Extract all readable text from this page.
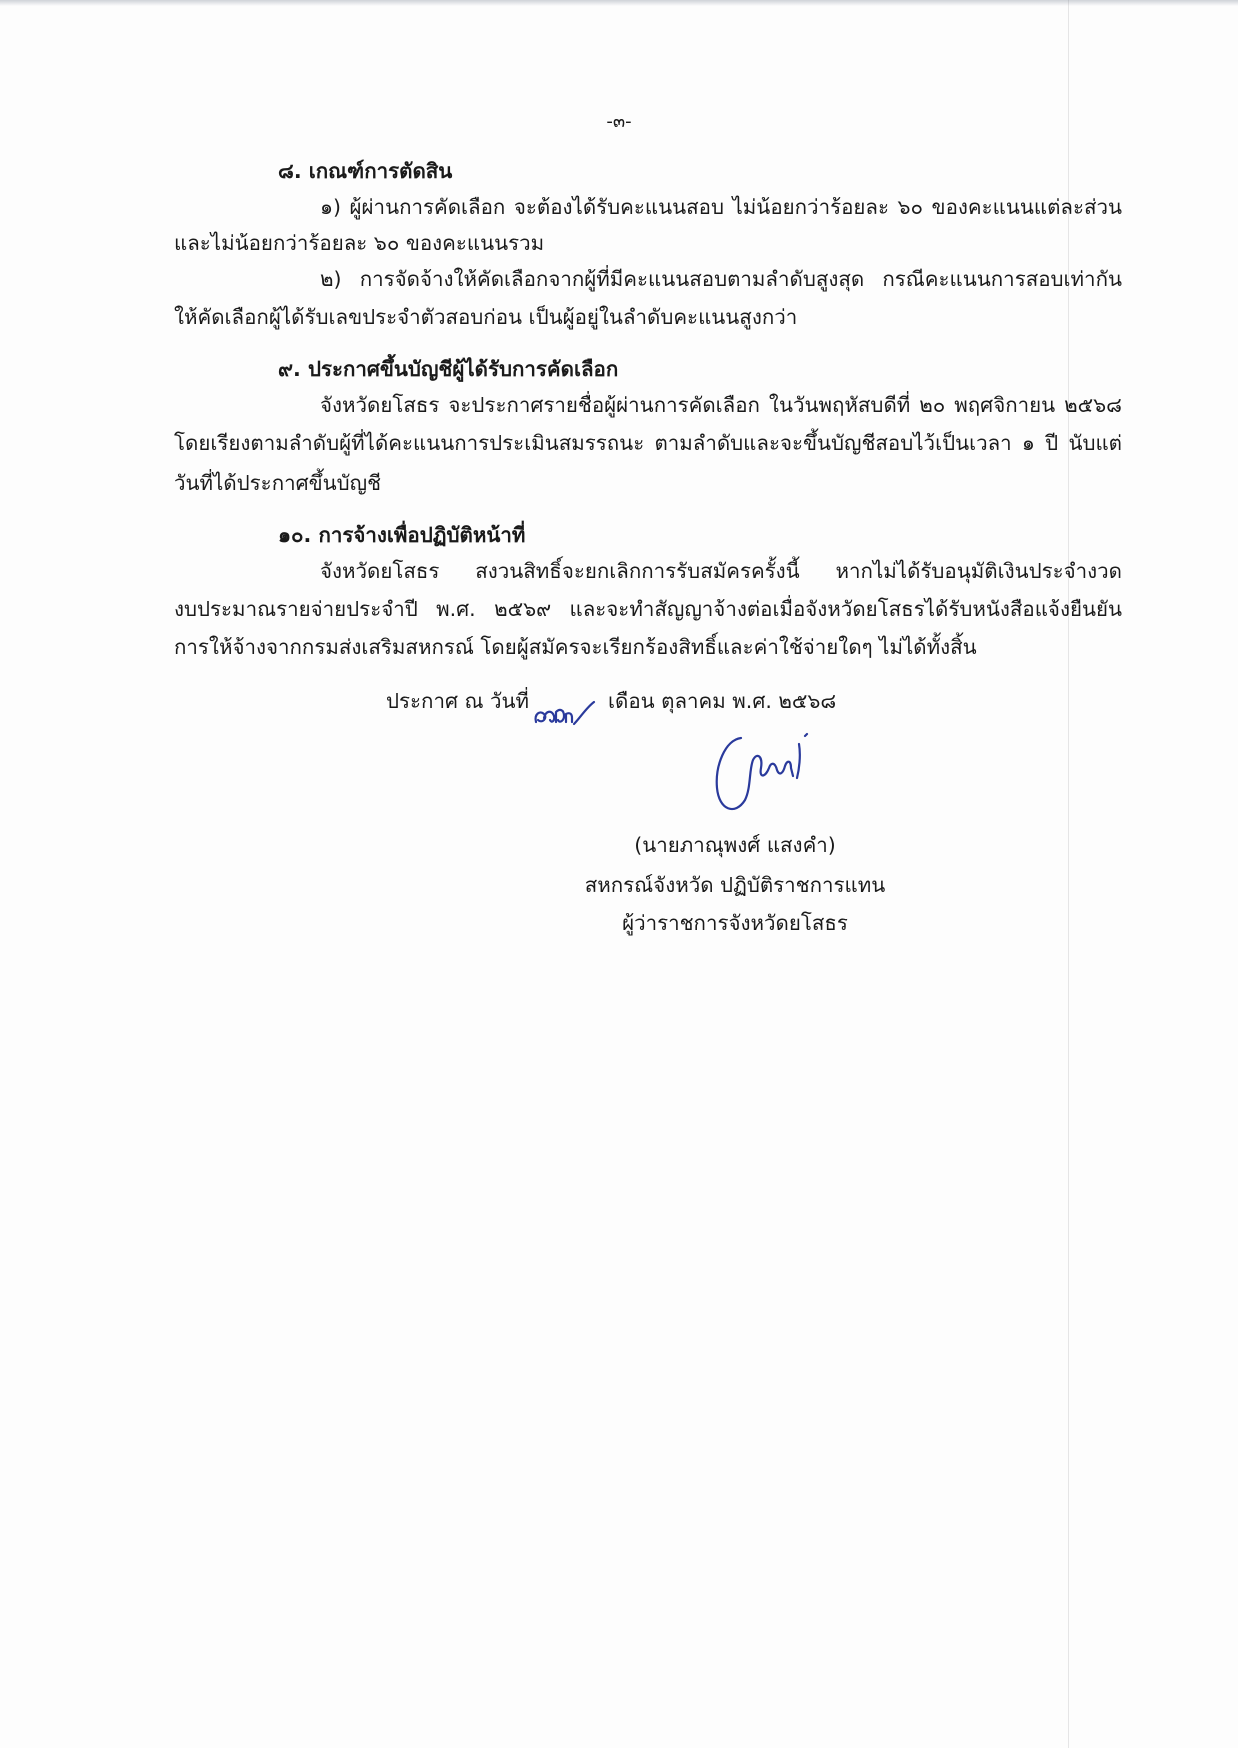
-๓-
๘. เกณฑ์การตัดสิน
๑) ผู้ผ่านการคัดเลือก จะต้องได้รับคะแนนสอบ ไม่น้อยกว่าร้อยละ ๖๐ ของคะแนนแต่ละส่วน
และไม่น้อยกว่าร้อยละ ๖๐ ของคะแนนรวม
๒) การจัดจ้างให้คัดเลือกจากผู้ที่มีคะแนนสอบตามลำดับสูงสุด กรณีคะแนนการสอบเท่ากัน
ให้คัดเลือกผู้ได้รับเลขประจำตัวสอบก่อน เป็นผู้อยู่ในลำดับคะแนนสูงกว่า
๙. ประกาศขึ้นบัญชีผู้ได้รับการคัดเลือก
จังหวัดยโสธร จะประกาศรายชื่อผู้ผ่านการคัดเลือก ในวันพฤหัสบดีที่ ๒๐ พฤศจิกายน ๒๕๖๘
โดยเรียงตามลำดับผู้ที่ได้คะแนนการประเมินสมรรถนะ ตามลำดับและจะขึ้นบัญชีสอบไว้เป็นเวลา ๑ ปี นับแต่
วันที่ได้ประกาศขึ้นบัญชี
๑๐. การจ้างเพื่อปฏิบัติหน้าที่
จังหวัดยโสธร สงวนสิทธิ์จะยกเลิกการรับสมัครครั้งนี้ หากไม่ได้รับอนุมัติเงินประจำงวด
งบประมาณรายจ่ายประจำปี พ.ศ. ๒๕๖๙ และจะทำสัญญาจ้างต่อเมื่อจังหวัดยโสธรได้รับหนังสือแจ้งยืนยัน
การให้จ้างจากกรมส่งเสริมสหกรณ์ โดยผู้สมัครจะเรียกร้องสิทธิ์และค่าใช้จ่ายใดๆ ไม่ได้ทั้งสิ้น
ประกาศ ณ วันที่	เดือน ตุลาคม พ.ศ. ๒๕๖๘
(นายภาณุพงศ์ แสงคำ)
สหกรณ์จังหวัด ปฏิบัติราชการแทน
ผู้ว่าราชการจังหวัดยโสธร
